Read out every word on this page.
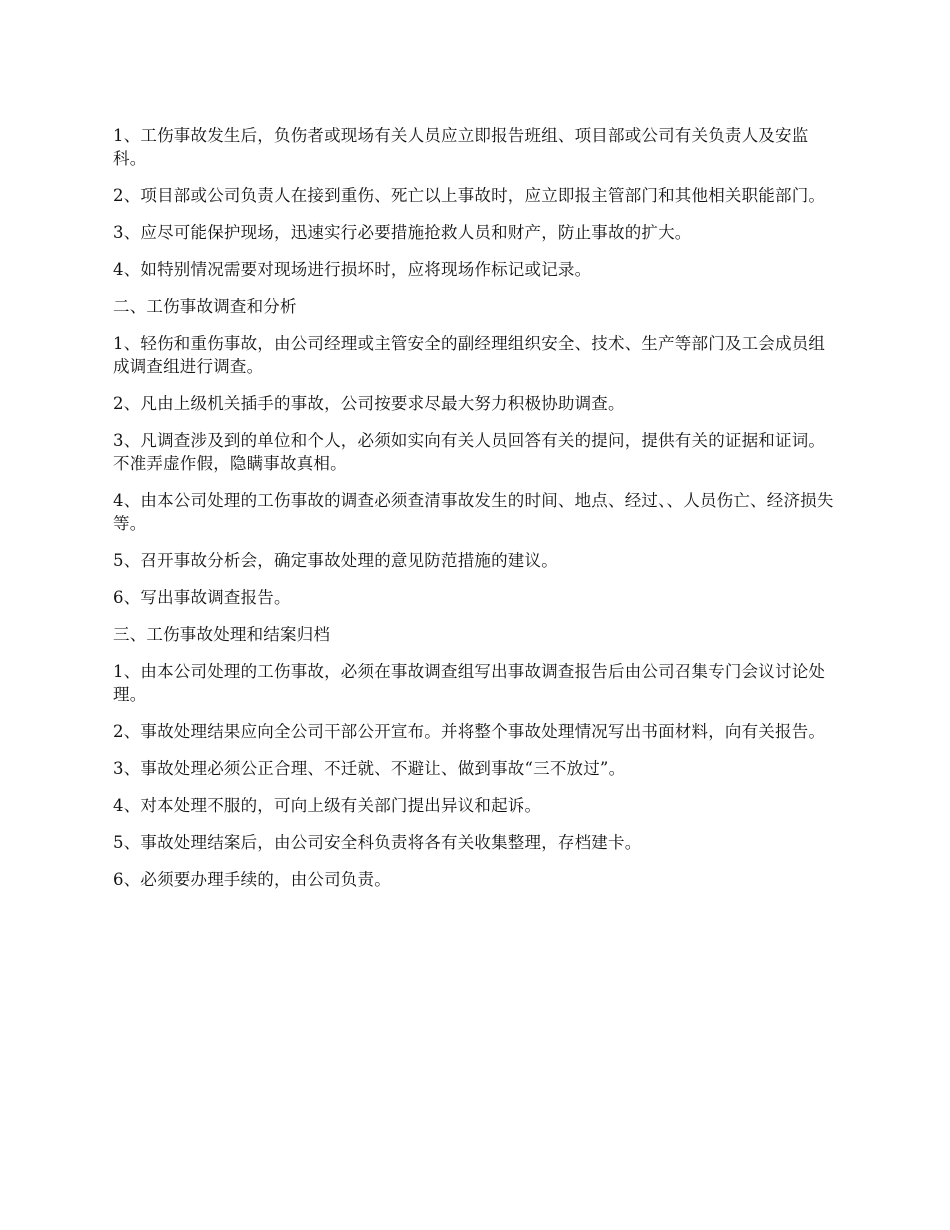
1、工伤事故发生后，负伤者或现场有关人员应立即报告班组、项目部或公司有关负责人及安监科。

2、项目部或公司负责人在接到重伤、死亡以上事故时，应立即报主管部门和其他相关职能部门。

3、应尽可能保护现场，迅速实行必要措施抢救人员和财产，防止事故的扩大。

4、如特别情况需要对现场进行损坏时，应将现场作标记或记录。

二、工伤事故调查和分析

1、轻伤和重伤事故，由公司经理或主管安全的副经理组织安全、技术、生产等部门及工会成员组成调查组进行调查。

2、凡由上级机关插手的事故，公司按要求尽最大努力积极协助调查。

3、凡调查涉及到的单位和个人，必须如实向有关人员回答有关的提问，提供有关的证据和证词。不准弄虚作假，隐瞒事故真相。

4、由本公司处理的工伤事故的调查必须查清事故发生的时间、地点、经过、、人员伤亡、经济损失等。

5、召开事故分析会，确定事故处理的意见防范措施的建议。

6、写出事故调查报告。

三、工伤事故处理和结案归档

1、由本公司处理的工伤事故，必须在事故调查组写出事故调查报告后由公司召集专门会议讨论处理。

2、事故处理结果应向全公司干部公开宣布。并将整个事故处理情况写出书面材料，向有关报告。

3、事故处理必须公正合理、不迁就、不避让、做到事故“三不放过”。

4、对本处理不服的，可向上级有关部门提出异议和起诉。

5、事故处理结案后，由公司安全科负责将各有关收集整理，存档建卡。

6、必须要办理手续的，由公司负责。
